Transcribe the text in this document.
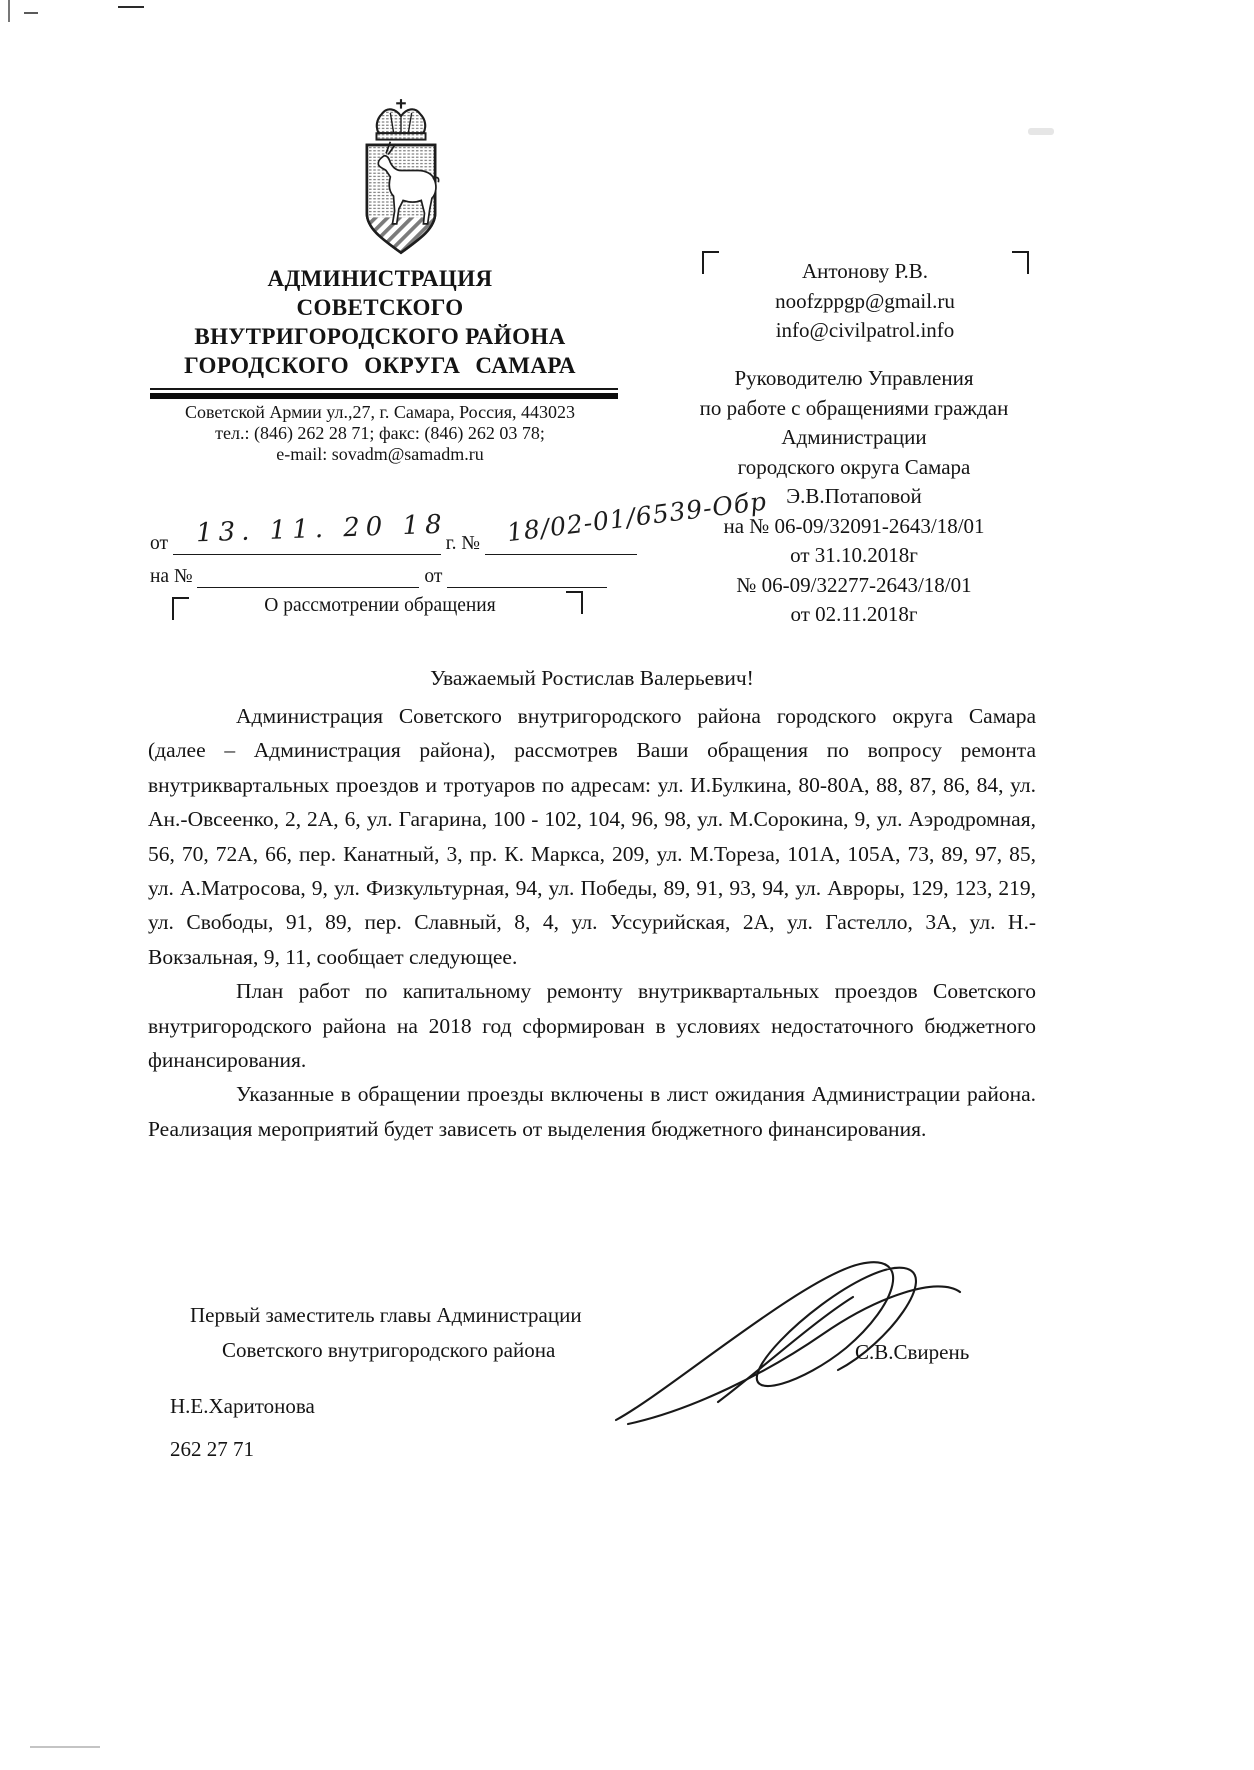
АДМИНИСТРАЦИЯ
СОВЕТСКОГО
ВНУТРИГОРОДСКОГО РАЙОНА
ГОРОДСКОГО ОКРУГА САМАРА
Советской Армии ул.,27, г. Самара, Россия, 443023
тел.: (846) 262 28 71; факс: (846) 262 03 78;
e-mail: sovadm@samadm.ru
от	г. №
13. 11. 20 18 18/02-01/6539-Обр
на №	от
О рассмотрении обращения
Антонову Р.В.
noofzppgp@gmail.ru
info@civilpatrol.info
Руководителю Управления
по работе с обращениями граждан
Администрации
городского округа Самара
Э.В.Потаповой
на № 06-09/32091-2643/18/01
от 31.10.2018г
№ 06-09/32277-2643/18/01
от 02.11.2018г
Уважаемый Ростислав Валерьевич!

Администрация Советского внутригородского района городского округа Самара (далее – Администрация района), рассмотрев Ваши обращения по вопросу ремонта внутриквартальных проездов и тротуаров по адресам: ул. И.Булкина, 80-80А, 88, 87, 86, 84, ул. Ан.-Овсеенко, 2, 2А, 6, ул. Гагарина, 100 - 102, 104, 96, 98, ул. М.Сорокина, 9, ул. Аэродромная, 56, 70, 72А, 66, пер. Канатный, 3, пр. К. Маркса, 209, ул. М.Тореза, 101А, 105А, 73, 89, 97, 85, ул. А.Матросова, 9, ул. Физкультурная, 94, ул. Победы, 89, 91, 93, 94, ул. Авроры, 129, 123, 219, ул. Свободы, 91, 89, пер. Славный, 8, 4, ул. Уссурийская, 2А, ул. Гастелло, 3А, ул. Н.-Вокзальная, 9, 11, сообщает следующее.

План работ по капитальному ремонту внутриквартальных проездов Советского внутригородского района на 2018 год сформирован в условиях недостаточного бюджетного финансирования.

Указанные в обращении проезды включены в лист ожидания Администрации района. Реализация мероприятий будет зависеть от выделения бюджетного финансирования.

Первый заместитель главы Администрации
Советского внутригородского района	С.В.Свирень
Н.Е.Харитонова
262 27 71
